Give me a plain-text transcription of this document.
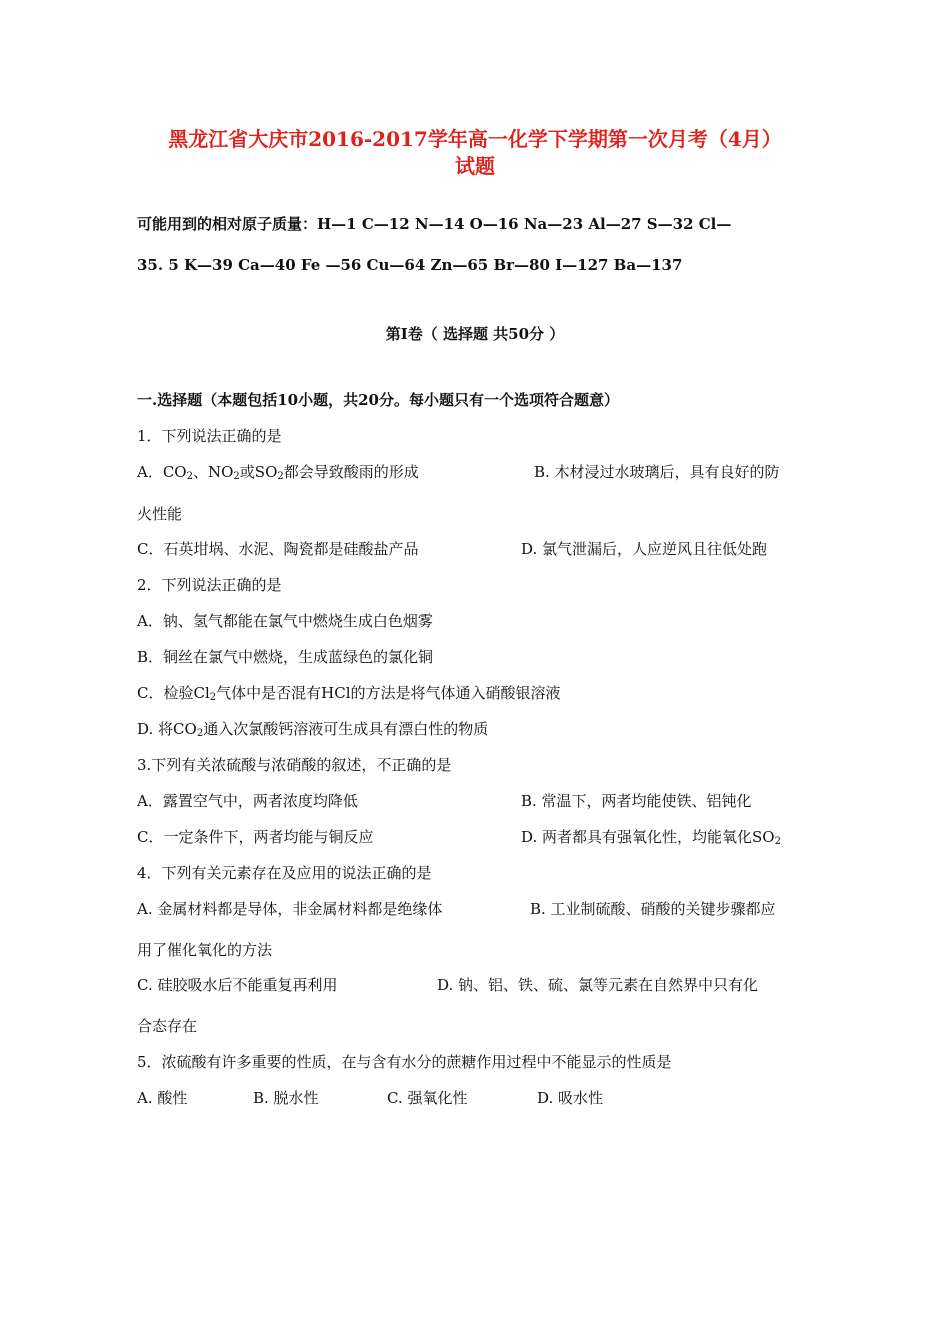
黑龙江省大庆市2016-2017学年高一化学下学期第一次月考（4月）
试题
可能用到的相对原子质量：H—1 C—12 N—14 O—16 Na—23 Al—27 S—32 Cl—
35. 5 K—39 Ca—40 Fe —56 Cu—64 Zn—65 Br—80 I—127 Ba—137
第Ⅰ卷（ 选择题 共50分 ）
一.选择题（本题包括10小题，共20分。每小题只有一个选项符合题意）
1．下列说法正确的是
A．$CO_2$、$NO_2$或$SO_2$都会导致酸雨的形成	B. 木材浸过水玻璃后，具有良好的防
火性能
C．石英坩埚、水泥、陶瓷都是硅酸盐产品	D. 氯气泄漏后，人应逆风且往低处跑
2．下列说法正确的是
A．钠、氢气都能在氯气中燃烧生成白色烟雾
B．铜丝在氯气中燃烧，生成蓝绿色的氯化铜
C．检验$Cl_2$气体中是否混有HCl的方法是将气体通入硝酸银溶液
D. 将$CO_2$通入次氯酸钙溶液可生成具有漂白性的物质
3.下列有关浓硫酸与浓硝酸的叙述，不正确的是
A．露置空气中，两者浓度均降低	B. 常温下，两者均能使铁、铝钝化
C．一定条件下，两者均能与铜反应	D. 两者都具有强氧化性，均能氧化$SO_2$
4．下列有关元素存在及应用的说法正确的是
A. 金属材料都是导体，非金属材料都是绝缘体	B. 工业制硫酸、硝酸的关键步骤都应
用了催化氧化的方法
C. 硅胶吸水后不能重复再利用	D. 钠、铝、铁、硫、氯等元素在自然界中只有化
合态存在
5．浓硫酸有许多重要的性质，在与含有水分的蔗糖作用过程中不能显示的性质是
A. 酸性	B. 脱水性	C. 强氧化性	D. 吸水性
